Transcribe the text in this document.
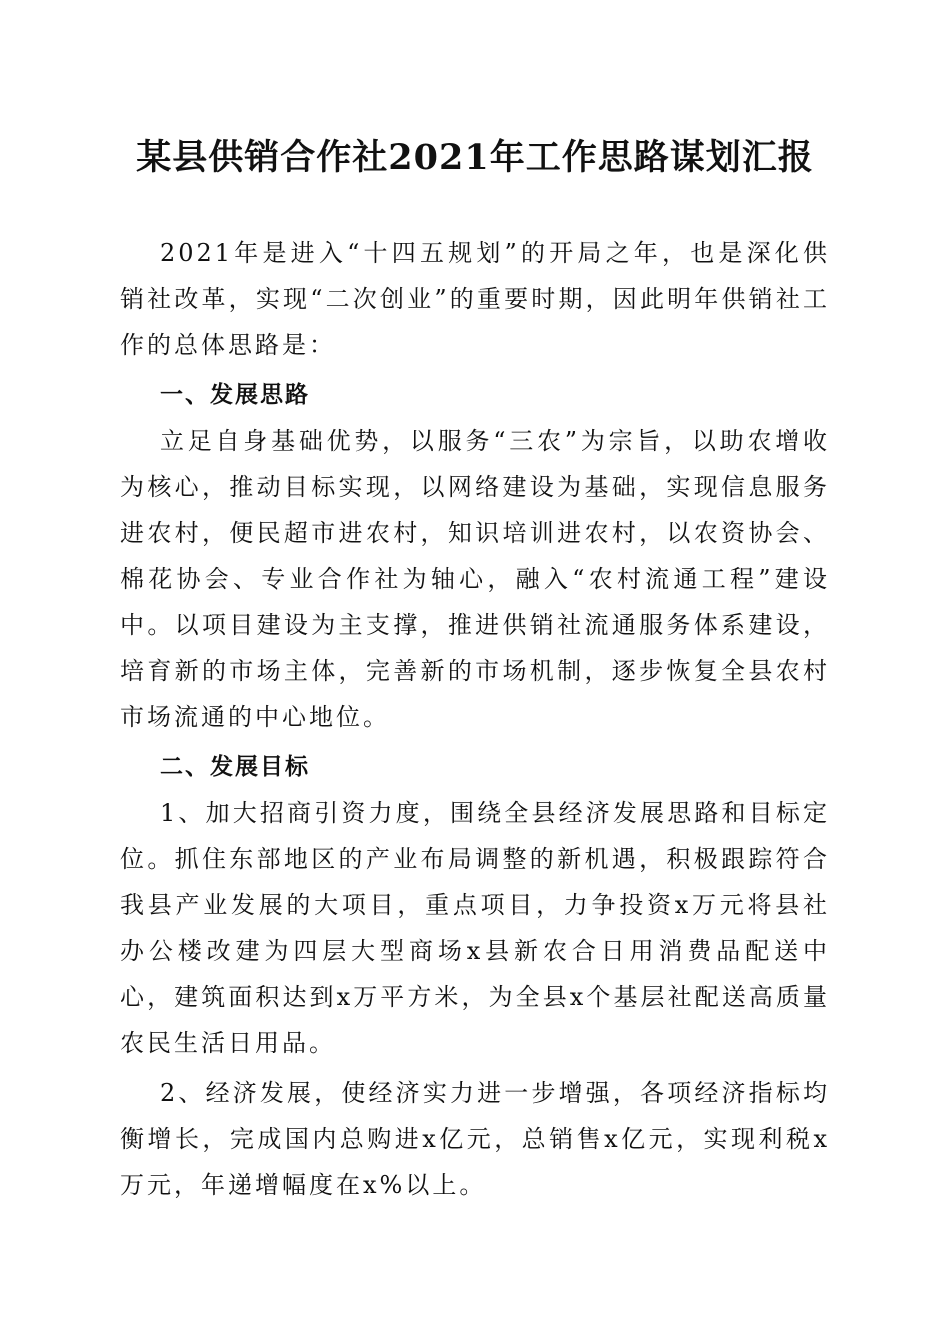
某县供销合作社2021年工作思路谋划汇报

2021年是进入“十四五规划”的开局之年，也是深化供销社改革，实现“二次创业”的重要时期，因此明年供销社工作的总体思路是：

一、发展思路

立足自身基础优势，以服务“三农”为宗旨，以助农增收为核心，推动目标实现，以网络建设为基础，实现信息服务进农村，便民超市进农村，知识培训进农村，以农资协会、棉花协会、专业合作社为轴心，融入“农村流通工程”建设中。以项目建设为主支撑，推进供销社流通服务体系建设，培育新的市场主体，完善新的市场机制，逐步恢复全县农村市场流通的中心地位。

二、发展目标

1、加大招商引资力度，围绕全县经济发展思路和目标定位。抓住东部地区的产业布局调整的新机遇，积极跟踪符合我县产业发展的大项目，重点项目，力争投资x万元将县社办公楼改建为四层大型商场x县新农合日用消费品配送中心，建筑面积达到x万平方米，为全县x个基层社配送高质量农民生活日用品。

2、经济发展，使经济实力进一步增强，各项经济指标均衡增长，完成国内总购进x亿元，总销售x亿元，实现利税x万元，年递增幅度在x%以上。
